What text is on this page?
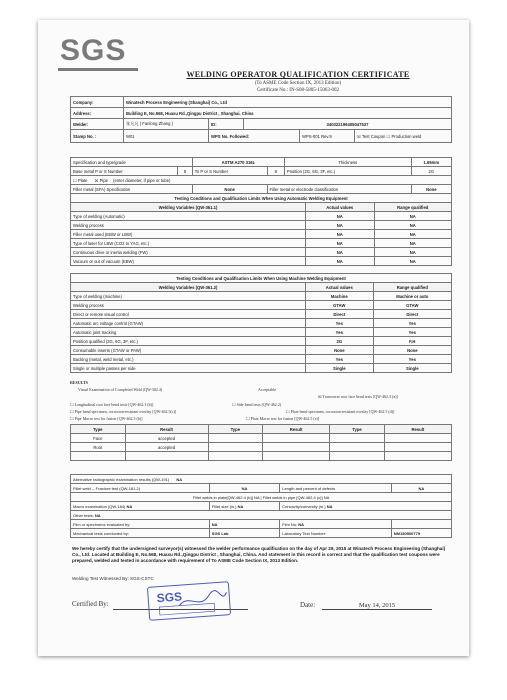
SGS
WELDING OPERATOR QUALIFICATION CERTIFICATE
(To ASME Code Section IX, 2013 Edition)
Certificate No.: IN-S08-5805-15063-002
Company:	Winatech Process Engineering (Shanghai) Co., Ltd				
Address:	Building E, No.568, Huaxu Rd.,Qingpu District , Shanghai. China				
Welder:	张凡凡 ( Fanlong Zhang )	ID:	340322199405047537		
Stamp No. :	W01	WPS No. Followed:		WPS-001 Rev.9	☒ Test Coupon ☐ Production weld
Specification and type/grade		ASTM A270 316L		Thickness	1.65mm
Base metal P or S Number	8	To P or S Number	8	Position (2G, 6G, 3F, etc.)	2G
☐ Plate ☒ Pipe (enter diameter, if pipe or tube)					
Filler metal (SFA) Specification		None	Filler metal or electrode classification		None
Testing Conditions and Qualification Limits When Using Automatic Welding Equipment		
Welding Variables (QW-361.1)	Actual values	Range qualified
Type of welding (Automatic)	NA	NA
Welding process	NA	NA
Filler metal used (EBW or LBW)	NA	NA
Type of laser for LBW (CO2 to YAG, etc.)	NA	NA
Continuous drive or inertia welding (FW)	NA	NA
Vacuum or out of vacuum (EBW)	NA	NA
Testing Conditions and Qualification Limits When Using Machine Welding Equipment		
Welding Variables (QW-361.2)	Actual values	Range qualified
Type of welding (machine)	Machine	Machine or auto
Welding process	GTAW	GTAW
Direct or remote visual control	Direct	Direct
Automatic arc voltage control (GTAW)	Yes	Yes
Automatic joint tracking	Yes	Yes
Position qualified (2G, 6G, 3F, etc.)	2G	F,H
Consumable inserts (GTAW or PAW)	None	None
Backing (metal, weld metal, etc.)	Yes	Yes
Single or multiple passes per side	Single	Single
RESULTS
Visual Examination of Completed Weld (QW-302.4)	Acceptable
☒ Transverse root face bend tests [QW-462.3 (a)]
☐ Longitudinal root face bend tests [QW-462.3 (b)]	☐ Side bend tests (QW-462.2)
☐ Pipe bend specimen, corrosion-resistant overlay [QW-462.5(c)]	☐ Plate bend specimen, corrosion-resistant overlay [QW-462.5 (d)]
☐ Pipe Macro test for fusion [QW-462.5 (b)]	☐ Plate Macro test for fusion [QW-462.5 (e)]
Type	Result	Type	Result	Type	Result
Face	accepted				
Root	accepted				

Alternative radiographic examination results (QW-191) NA			
Fillet weld -- Fracture test (QW-181.2)	NA	Length and percent of defects	NA
Fillet welds in plate[QW-462.4 (b)] NA | Fillet welds in pipe [QW-462.4 (c)] NA			
Macro examination (QW-184) NA	Fillet size (in.) NA	Concavity/convexity (in.) NA	
Other tests: NA			
Film or specimens evaluated by:	NA	Film No: NA	
Mechanical tests conducted by:	SGS Lab	Laboratory Test Number:	NM150500779
We hereby certify that the undersigned surveyor(s) witnessed the welder performance qualification on the day of Apr 29, 2015 at Winatech Process Engineering (Shanghai) Co., Ltd. Located at Building E, No.568, Huaxu Rd.,Qingpu District , Shanghai, China. And statement in this record is correct and that the qualification test coupons were prepared, welded and tested in accordance with requirement of To ASME Code Section IX, 2013 Edition.
Welding Test Witnessed By: SGS-CSTC
Certified By:	SGS	Date:	May 14, 2015
